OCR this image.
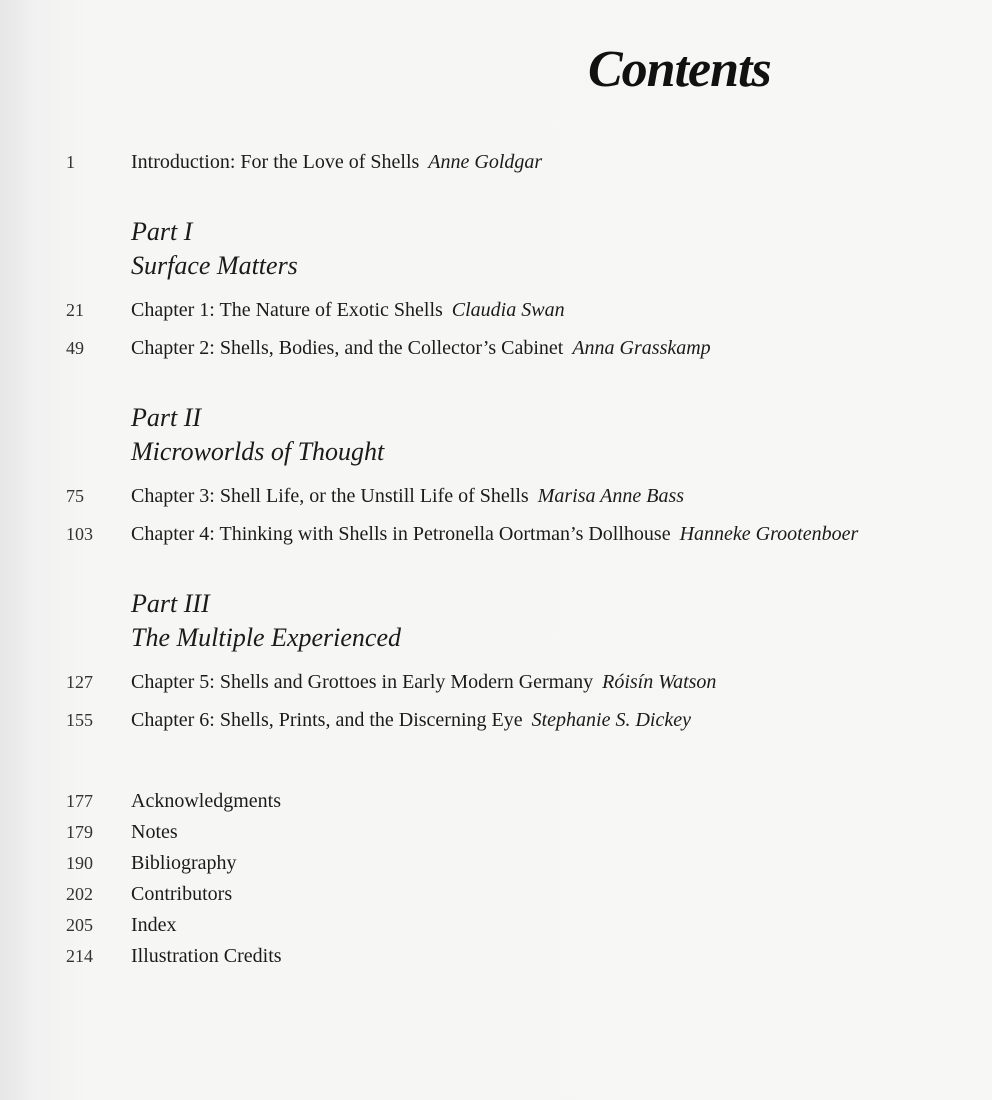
Contents
1	Introduction: For the Love of Shells Anne Goldgar
Part I
Surface Matters
21 Chapter 1: The Nature of Exotic Shells Claudia Swan
49 Chapter 2: Shells, Bodies, and the Collector’s Cabinet Anna Grasskamp
Part II
Microworlds of Thought
75 Chapter 3: Shell Life, or the Unstill Life of Shells Marisa Anne Bass
103 Chapter 4: Thinking with Shells in Petronella Oortman’s Dollhouse Hanneke Grootenboer
Part III
The Multiple Experienced
127 Chapter 5: Shells and Grottoes in Early Modern Germany Róisín Watson
155 Chapter 6: Shells, Prints, and the Discerning Eye Stephanie S. Dickey
177 Acknowledgments
179 Notes
190 Bibliography
202 Contributors
205 Index
214 Illustration Credits
